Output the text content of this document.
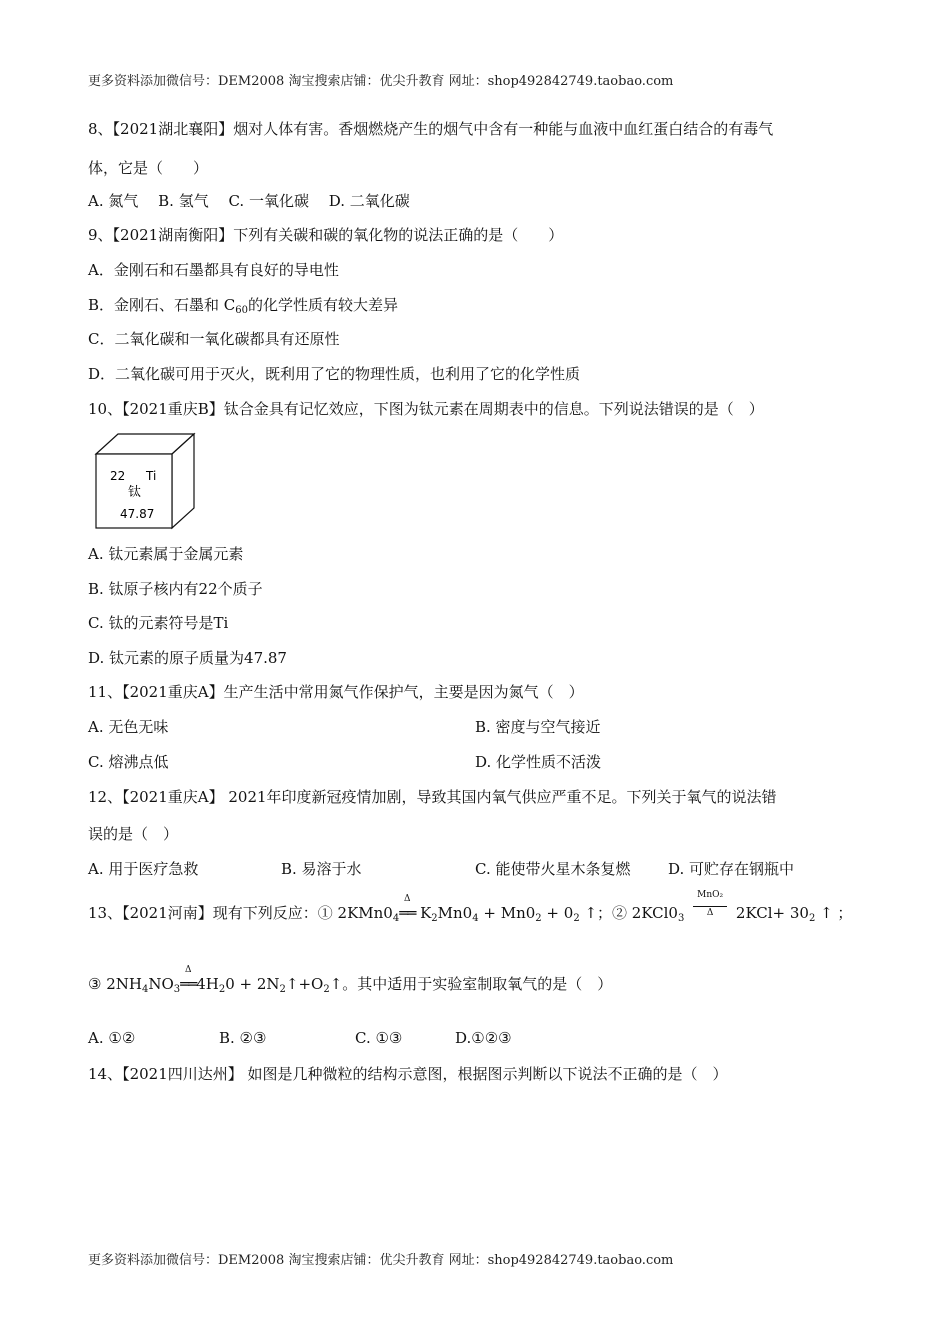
更多资料添加微信号：DEM2008 淘宝搜索店铺：优尖升教育 网址：shop492842749.taobao.com
8、【2021湖北襄阳】烟对人体有害。香烟燃烧产生的烟气中含有一种能与血液中血红蛋白结合的有毒气
体，它是（　　）
A. 氮气　 B. 氢气　 C. 一氧化碳　 D. 二氧化碳
9、【2021湖南衡阳】下列有关碳和碳的氧化物的说法正确的是（　　）
A．金刚石和石墨都具有良好的导电性
B．金刚石、石墨和 $C_{60}$的化学性质有较大差异
C．二氧化碳和一氧化碳都具有还原性
D．二氧化碳可用于灭火，既利用了它的物理性质，也利用了它的化学性质
10、【2021重庆B】钛合金具有记忆效应，下图为钛元素在周期表中的信息。下列说法错误的是（　）
22 Ti
钛
47.87
A. 钛元素属于金属元素
B. 钛原子核内有22个质子
C. 钛的元素符号是Ti
D. 钛元素的原子质量为47.87
11、【2021重庆A】生产生活中常用氮气作保护气，主要是因为氮气（　）
A. 无色无味	B. 密度与空气接近
C. 熔沸点低	D. 化学性质不活泼
12、【2021重庆A】 2021年印度新冠疫情加剧，导致其国内氧气供应严重不足。下列关于氧气的说法错
误的是（　）
A. 用于医疗急救	B. 易溶于水	C. 能使带火星木条复燃	D. 可贮存在钢瓶中
13、【2021河南】现有下列反应：① $2KMn0_4$
Δ
══ $K_2Mn0_4 + Mn0_2 + 0_2$ ↑；② $2KCl0_3$
MnO₂
Δ	$2KCl+ 30_2$ ↑ ；
③ $2NH_4NO_3$
Δ
$══4H_20$ + $2N_2↑+O_2↑$。其中适用于实验室制取氧气的是（　）
A. ①②	B. ②③	C. ①③	D.①②③
14、【2021四川达州】 如图是几种微粒的结构示意图，根据图示判断以下说法不正确的是（　）
更多资料添加微信号：DEM2008 淘宝搜索店铺：优尖升教育 网址：shop492842749.taobao.com
